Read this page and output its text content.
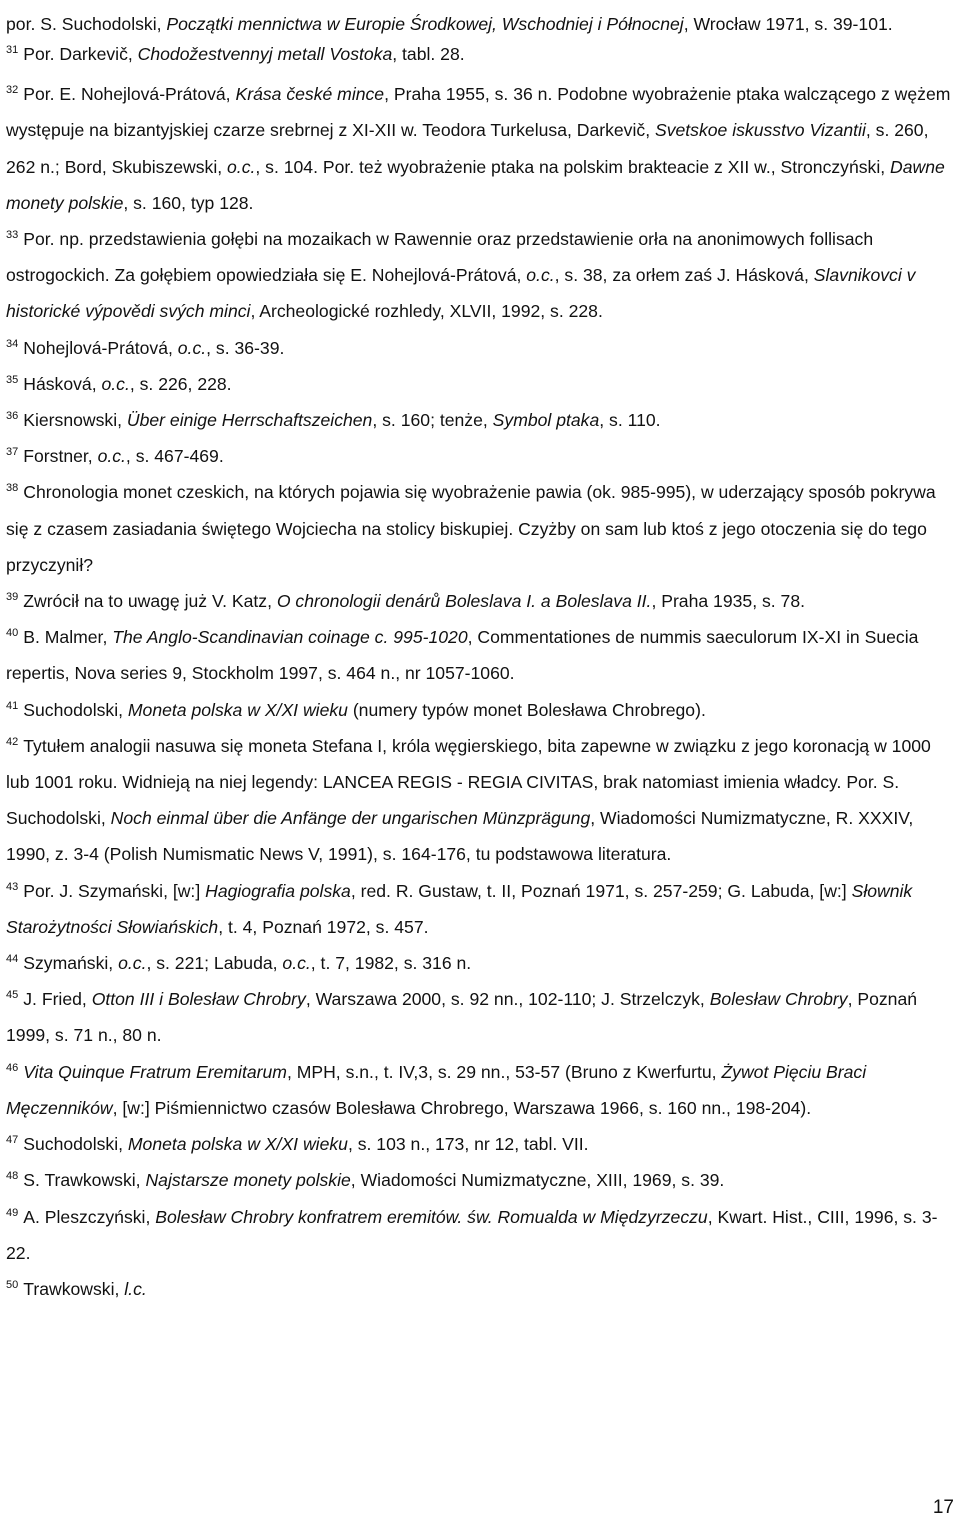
por. S. Suchodolski, Początki mennictwa w Europie Środkowej, Wschodniej i Północnej, Wrocław 1971, s. 39-101.

$^{31}$ Por. Darkevič, Chodožestvennyj metall Vostoka, tabl. 28.

$^{32}$ Por. E. Nohejlová-Prátová, Krása české mince, Praha 1955, s. 36 n. Podobne wyobrażenie ptaka walczącego z wężem występuje na bizantyjskiej czarze srebrnej z XI-XII w. Teodora Turkelusa, Darkevič, Svetskoe iskusstvo Vizantii, s. 260, 262 n.; Bord, Skubiszewski, o.c., s. 104. Por. też wyobrażenie ptaka na polskim brakteacie z XII w., Stronczyński, Dawne monety polskie, s. 160, typ 128.

$^{33}$ Por. np. przedstawienia gołębi na mozaikach w Rawennie oraz przedstawienie orła na anonimowych follisach ostrogockich. Za gołębiem opowiedziała się E. Nohejlová-Prátová, o.c., s. 38, za orłem zaś J. Hásková, Slavnikovci v historické výpovědi svých minci, Archeologické rozhledy, XLVII, 1992, s. 228.

$^{34}$ Nohejlová-Prátová, o.c., s. 36-39.

$^{35}$ Hásková, o.c., s. 226, 228.

$^{36}$ Kiersnowski, Über einige Herrschaftszeichen, s. 160; tenże, Symbol ptaka, s. 110.

$^{37}$ Forstner, o.c., s. 467-469.

$^{38}$ Chronologia monet czeskich, na których pojawia się wyobrażenie pawia (ok. 985-995), w uderzający sposób pokrywa się z czasem zasiadania świętego Wojciecha na stolicy biskupiej. Czyżby on sam lub ktoś z jego otoczenia się do tego przyczynił?

$^{39}$ Zwrócił na to uwagę już V. Katz, O chronologii denárů Boleslava I. a Boleslava II., Praha 1935, s. 78.

$^{40}$ B. Malmer, The Anglo-Scandinavian coinage c. 995-1020, Commentationes de nummis saeculorum IX-XI in Suecia repertis, Nova series 9, Stockholm 1997, s. 464 n., nr 1057-1060.

$^{41}$ Suchodolski, Moneta polska w X/XI wieku (numery typów monet Bolesława Chrobrego).

$^{42}$ Tytułem analogii nasuwa się moneta Stefana I, króla węgierskiego, bita zapewne w związku z jego koronacją w 1000 lub 1001 roku. Widnieją na niej legendy: LANCEA REGIS - REGIA CIVITAS, brak natomiast imienia władcy. Por. S. Suchodolski, Noch einmal über die Anfänge der ungarischen Münzprägung, Wiadomości Numizmatyczne, R. XXXIV, 1990, z. 3-4 (Polish Numismatic News V, 1991), s. 164-176, tu podstawowa literatura.

$^{43}$ Por. J. Szymański, [w:] Hagiografia polska, red. R. Gustaw, t. II, Poznań 1971, s. 257-259; G. Labuda, [w:] Słownik Starożytności Słowiańskich, t. 4, Poznań 1972, s. 457.

$^{44}$ Szymański, o.c., s. 221; Labuda, o.c., t. 7, 1982, s. 316 n.

$^{45}$ J. Fried, Otton III i Bolesław Chrobry, Warszawa 2000, s. 92 nn., 102-110; J. Strzelczyk, Bolesław Chrobry, Poznań 1999, s. 71 n., 80 n.

$^{46}$ Vita Quinque Fratrum Eremitarum, MPH, s.n., t. IV,3, s. 29 nn., 53-57 (Bruno z Kwerfurtu, Żywot Pięciu Braci Męczenników, [w:] Piśmiennictwo czasów Bolesława Chrobrego, Warszawa 1966, s. 160 nn., 198-204).

$^{47}$ Suchodolski, Moneta polska w X/XI wieku, s. 103 n., 173, nr 12, tabl. VII.

$^{48}$ S. Trawkowski, Najstarsze monety polskie, Wiadomości Numizmatyczne, XIII, 1969, s. 39.

$^{49}$ A. Pleszczyński, Bolesław Chrobry konfratrem eremitów. św. Romualda w Międzyrzeczu, Kwart. Hist., CIII, 1996, s. 3-22.

$^{50}$ Trawkowski, l.c.

17
